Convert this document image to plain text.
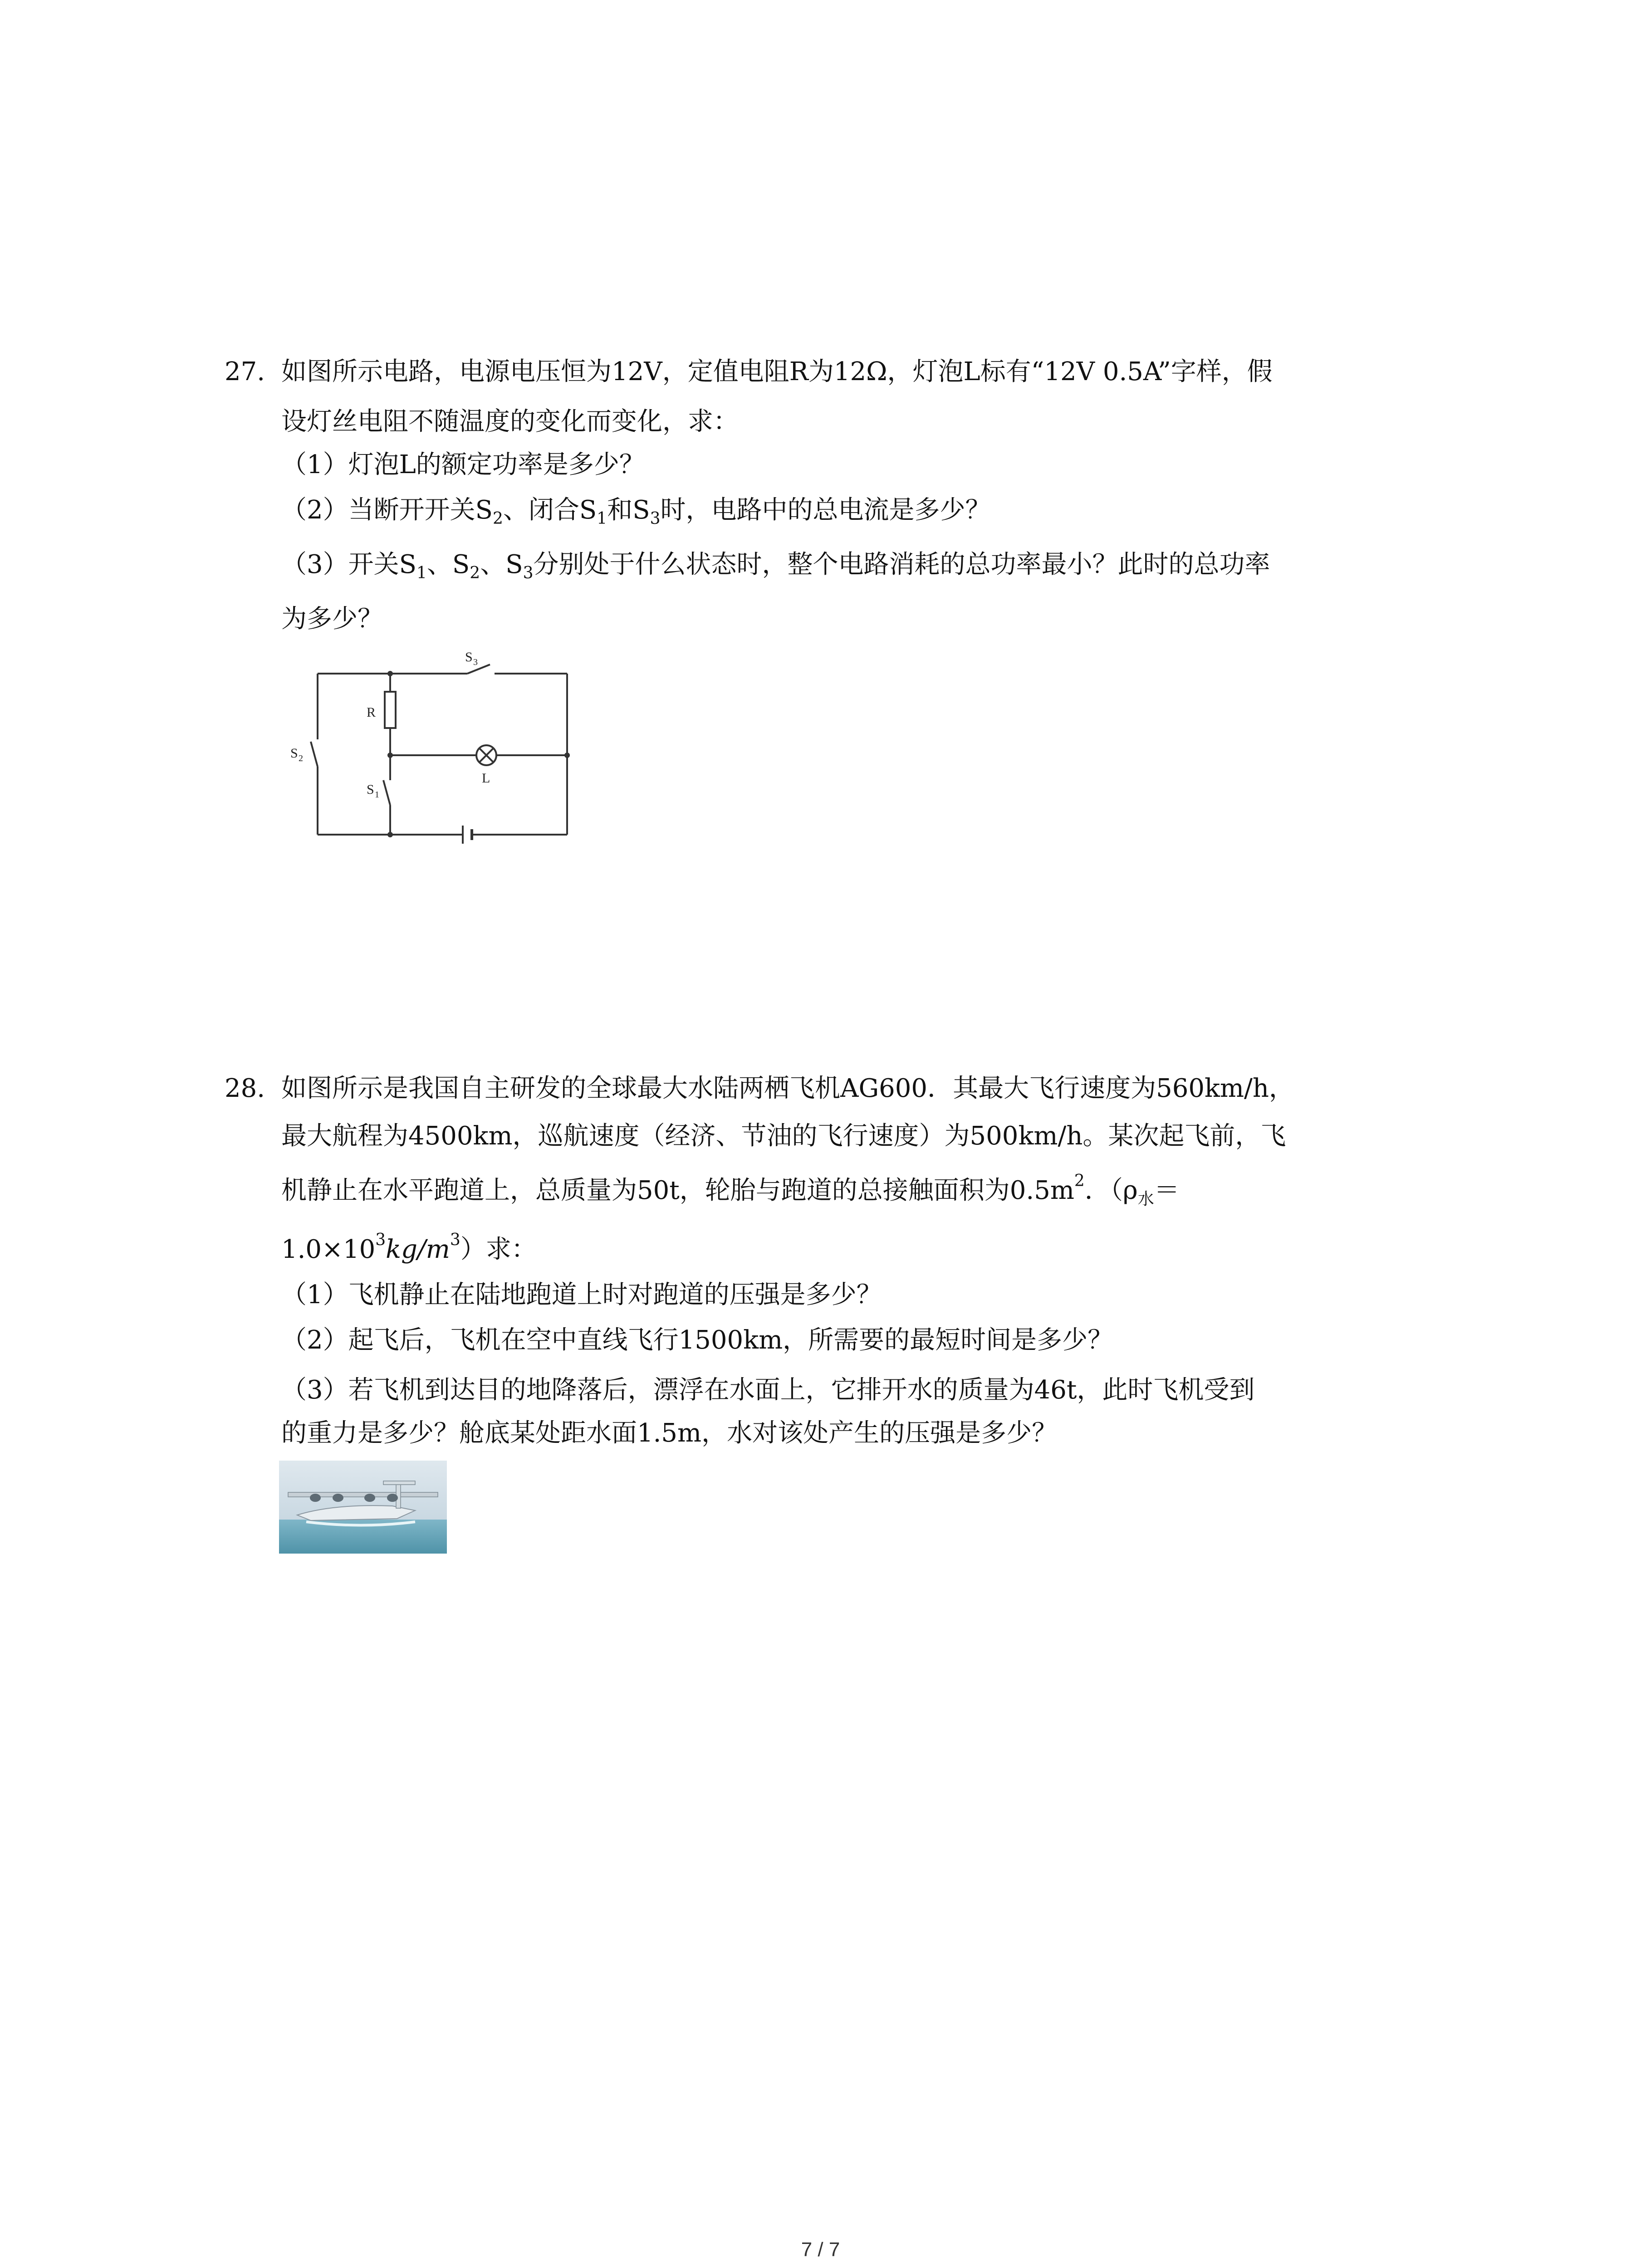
27. 如图所示电路，电源电压恒为12V，定值电阻R为12Ω，灯泡L标有“12V 0.5A”字样，假
设灯丝电阻不随温度的变化而变化，求：
（1）灯泡L的额定功率是多少？
（2）当断开开关$S_2$、闭合$S_1$和$S_3$时，电路中的总电流是多少？
（3）开关$S_1$、$S_2$、$S_3$分别处于什么状态时，整个电路消耗的总功率最小？此时的总功率
为多少？
S 3
R
S 2
S 1
L
28. 如图所示是我国自主研发的全球最大水陆两栖飞机AG600．其最大飞行速度为560km/h，
最大航程为4500km，巡航速度（经济、节油的飞行速度）为500km/h。某次起飞前，飞
机静止在水平跑道上，总质量为50t，轮胎与跑道的总接触面积为$0.5m^2$．（$\rho_水=$
$1.0\times 10^3kg/m^3$）求：
（1）飞机静止在陆地跑道上时对跑道的压强是多少？
（2）起飞后，飞机在空中直线飞行1500km，所需要的最短时间是多少？
（3）若飞机到达目的地降落后，漂浮在水面上，它排开水的质量为46t，此时飞机受到
的重力是多少？舱底某处距水面1.5m，水对该处产生的压强是多少？
7 / 7
